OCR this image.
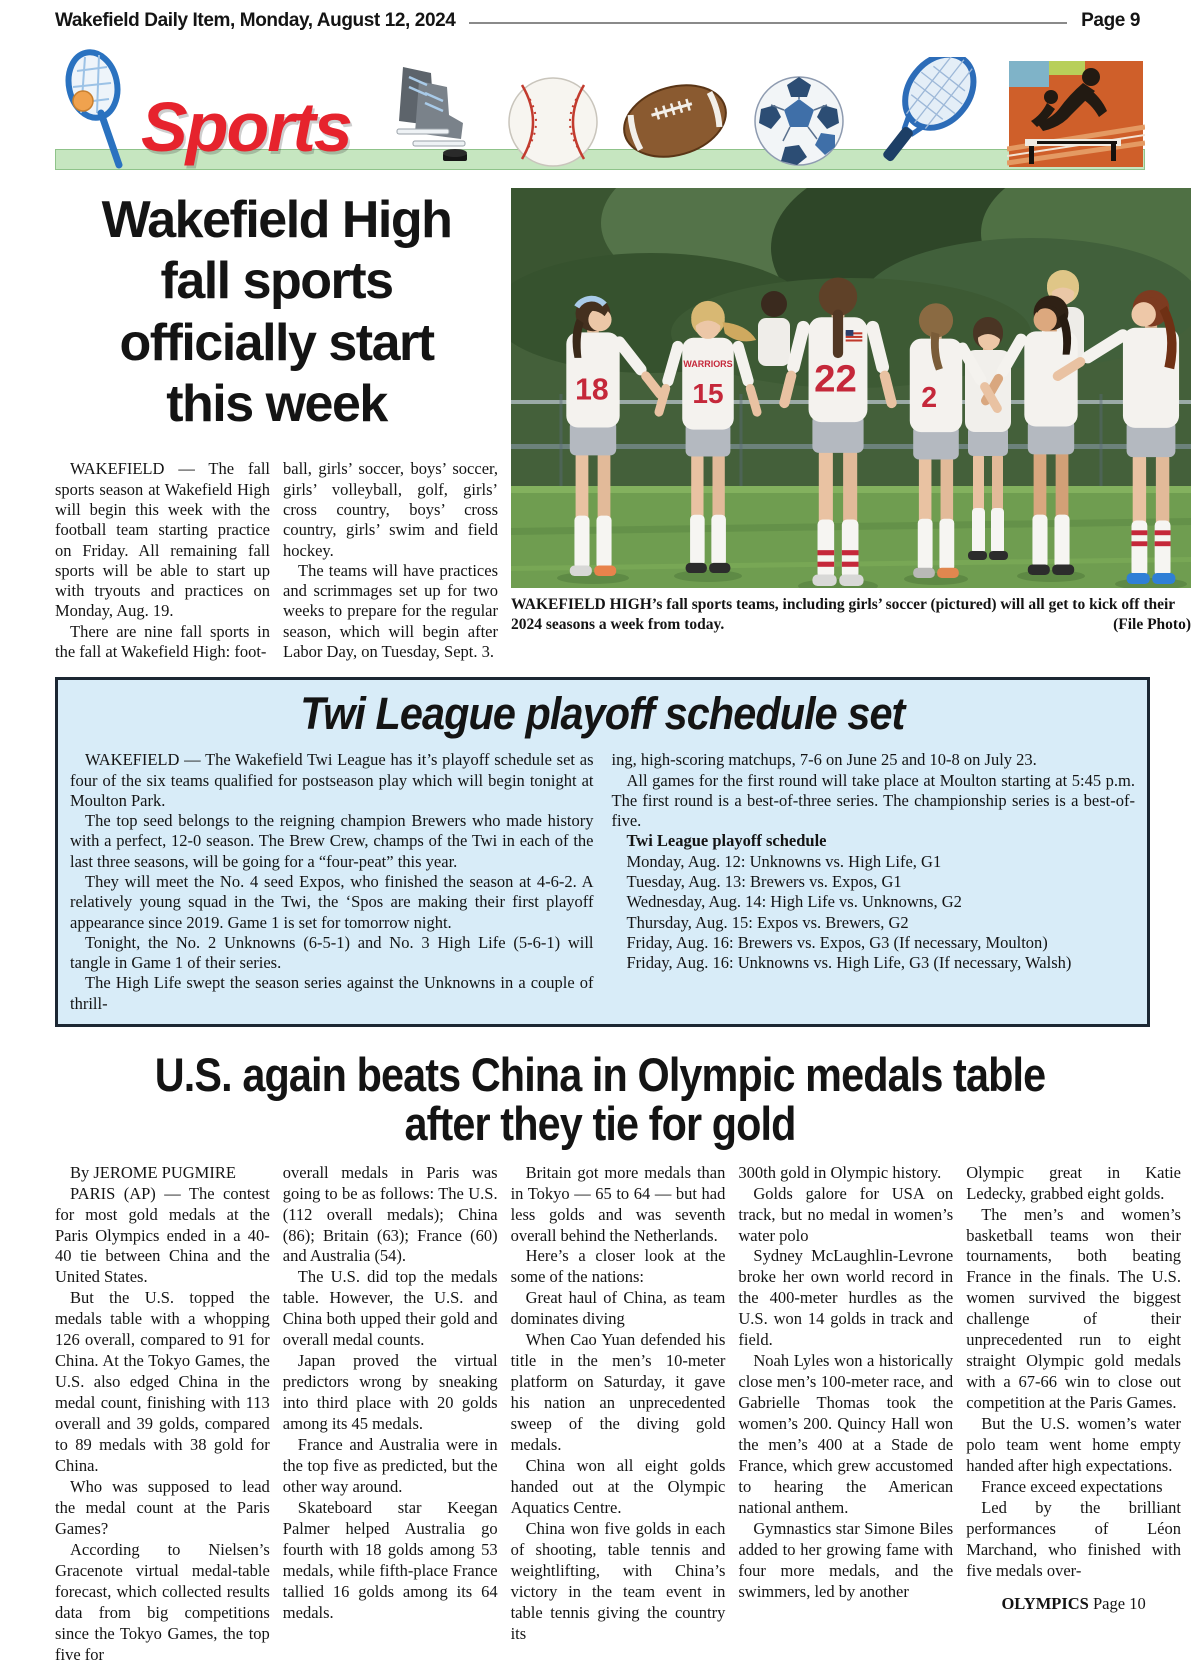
Wakefield Daily Item, Monday, August 12, 2024	Page 9
Sports
Wakefield High
fall sports
officially start
this week

WAKEFIELD — The fall sports season at Wakefield High will begin this week with the football team starting practice on Friday. All remaining fall sports will be able to start up with tryouts and practices on Monday, Aug. 19.

There are nine fall sports in the fall at Wakefield High: foot-

ball, girls’ soccer, boys’ soccer, girls’ volleyball, golf, girls’ cross country, boys’ cross country, girls’ swim and field hockey.

The teams will have practices and scrimmages set up for two weeks to prepare for the regular season, which will begin after Labor Day, on Tuesday, Sept. 3.

18
WARRIORS
15	2
22
WAKEFIELD HIGH’s fall sports teams, including girls’ soccer (pictured) will all get to kick off their 2024 seasons a week from today.	(File Photo)
Twi League playoff schedule set

WAKEFIELD — The Wakefield Twi League has it’s playoff schedule set as four of the six teams qualified for postseason play which will begin tonight at Moulton Park.

The top seed belongs to the reigning champion Brewers who made history with a perfect, 12-0 season. The Brew Crew, champs of the Twi in each of the last three seasons, will be going for a “four-peat” this year.

They will meet the No. 4 seed Expos, who finished the season at 4-6-2. A relatively young squad in the Twi, the ‘Spos are making their first playoff appearance since 2019. Game 1 is set for tomorrow night.

Tonight, the No. 2 Unknowns (6-5-1) and No. 3 High Life (5-6-1) will tangle in Game 1 of their series.

The High Life swept the season series against the Unknowns in a couple of thrill-

ing, high-scoring matchups, 7-6 on June 25 and 10-8 on July 23.

All games for the first round will take place at Moulton starting at 5:45 p.m. The first round is a best-of-three series. The championship series is a best-of-five.

Twi League playoff schedule

Monday, Aug. 12: Unknowns vs. High Life, G1

Tuesday, Aug. 13: Brewers vs. Expos, G1

Wednesday, Aug. 14: High Life vs. Unknowns, G2

Thursday, Aug. 15: Expos vs. Brewers, G2

Friday, Aug. 16: Brewers vs. Expos, G3 (If necessary, Moulton)

Friday, Aug. 16: Unknowns vs. High Life, G3 (If necessary, Walsh)

U.S. again beats China in Olympic medals table
after they tie for gold

By JEROME PUGMIRE

PARIS (AP) — The contest for most gold medals at the Paris Olympics ended in a 40-40 tie between China and the United States.

But the U.S. topped the medals table with a whopping 126 overall, compared to 91 for China. At the Tokyo Games, the U.S. also edged China in the medal count, finishing with 113 overall and 39 golds, compared to 89 medals with 38 gold for China.

Who was supposed to lead the medal count at the Paris Games?

According to Nielsen’s Gracenote virtual medal-table forecast, which collected results data from big competitions since the Tokyo Games, the top five for

overall medals in Paris was going to be as follows: The U.S. (112 overall medals); China (86); Britain (63); France (60) and Australia (54).

The U.S. did top the medals table. However, the U.S. and China both upped their gold and overall medal counts.

Japan proved the virtual predictors wrong by sneaking into third place with 20 golds among its 45 medals.

France and Australia were in the top five as predicted, but the other way around.

Skateboard star Keegan Palmer helped Australia go fourth with 18 golds among 53 medals, while fifth-place France tallied 16 golds among its 64 medals.

Britain got more medals than in Tokyo — 65 to 64 — but had less golds and was seventh overall behind the Netherlands.

Here’s a closer look at the some of the nations:

Great haul of China, as team dominates diving

When Cao Yuan defended his title in the men’s 10-meter platform on Saturday, it gave his nation an unprecedented sweep of the diving gold medals.

China won all eight golds handed out at the Olympic Aquatics Centre.

China won five golds in each of shooting, table tennis and weightlifting, with China’s victory in the team event in table tennis giving the country its

300th gold in Olympic history.

Golds galore for USA on track, but no medal in women’s water polo

Sydney McLaughlin-Levrone broke her own world record in the 400-meter hurdles as the U.S. won 14 golds in track and field.

Noah Lyles won a historically close men’s 100-meter race, and Gabrielle Thomas took the women’s 200. Quincy Hall won the men’s 400 at a Stade de France, which grew accustomed to hearing the American national anthem.

Gymnastics star Simone Biles added to her growing fame with four more medals, and the swimmers, led by another

Olympic great in Katie Ledecky, grabbed eight golds.

The men’s and women’s basketball teams won their tournaments, both beating France in the finals. The U.S. women survived the biggest challenge of their unprecedented run to eight straight Olympic gold medals with a 67-66 win to close out competition at the Paris Games.

But the U.S. women’s water polo team went home empty handed after high expectations.

France exceed expectations

Led by the brilliant performances of Léon Marchand, who finished with five medals over-

OLYMPICS Page 10
